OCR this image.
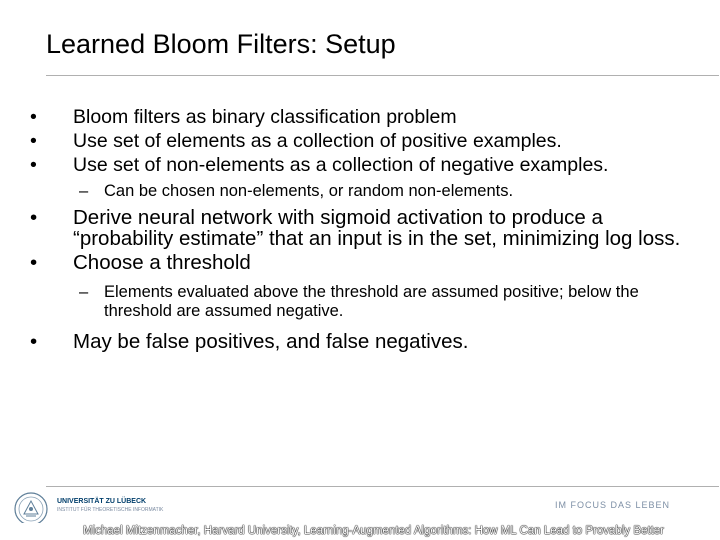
Learned Bloom Filters: Setup

• Bloom filters as binary classification problem

• Use set of elements as a collection of positive examples.

• Use set of non-elements as a collection of negative examples.

– Can be chosen non-elements, or random non-elements.

• Derive neural network with sigmoid activation to produce a “probability estimate” that an input is in the set, minimizing log loss.

• Choose a threshold

– Elements evaluated above the threshold are assumed positive; below the threshold are assumed negative.

• May be false positives, and false negatives.

UNIVERSITÄT ZU LÜBECK
INSTITUT FÜR THEORETISCHE INFORMATIK	IM FOCUS DAS LEBEN
Michael Mitzenmacher, Harvard University, Learning-Augmented Algorithms: How ML Can Lead to Provably Better
